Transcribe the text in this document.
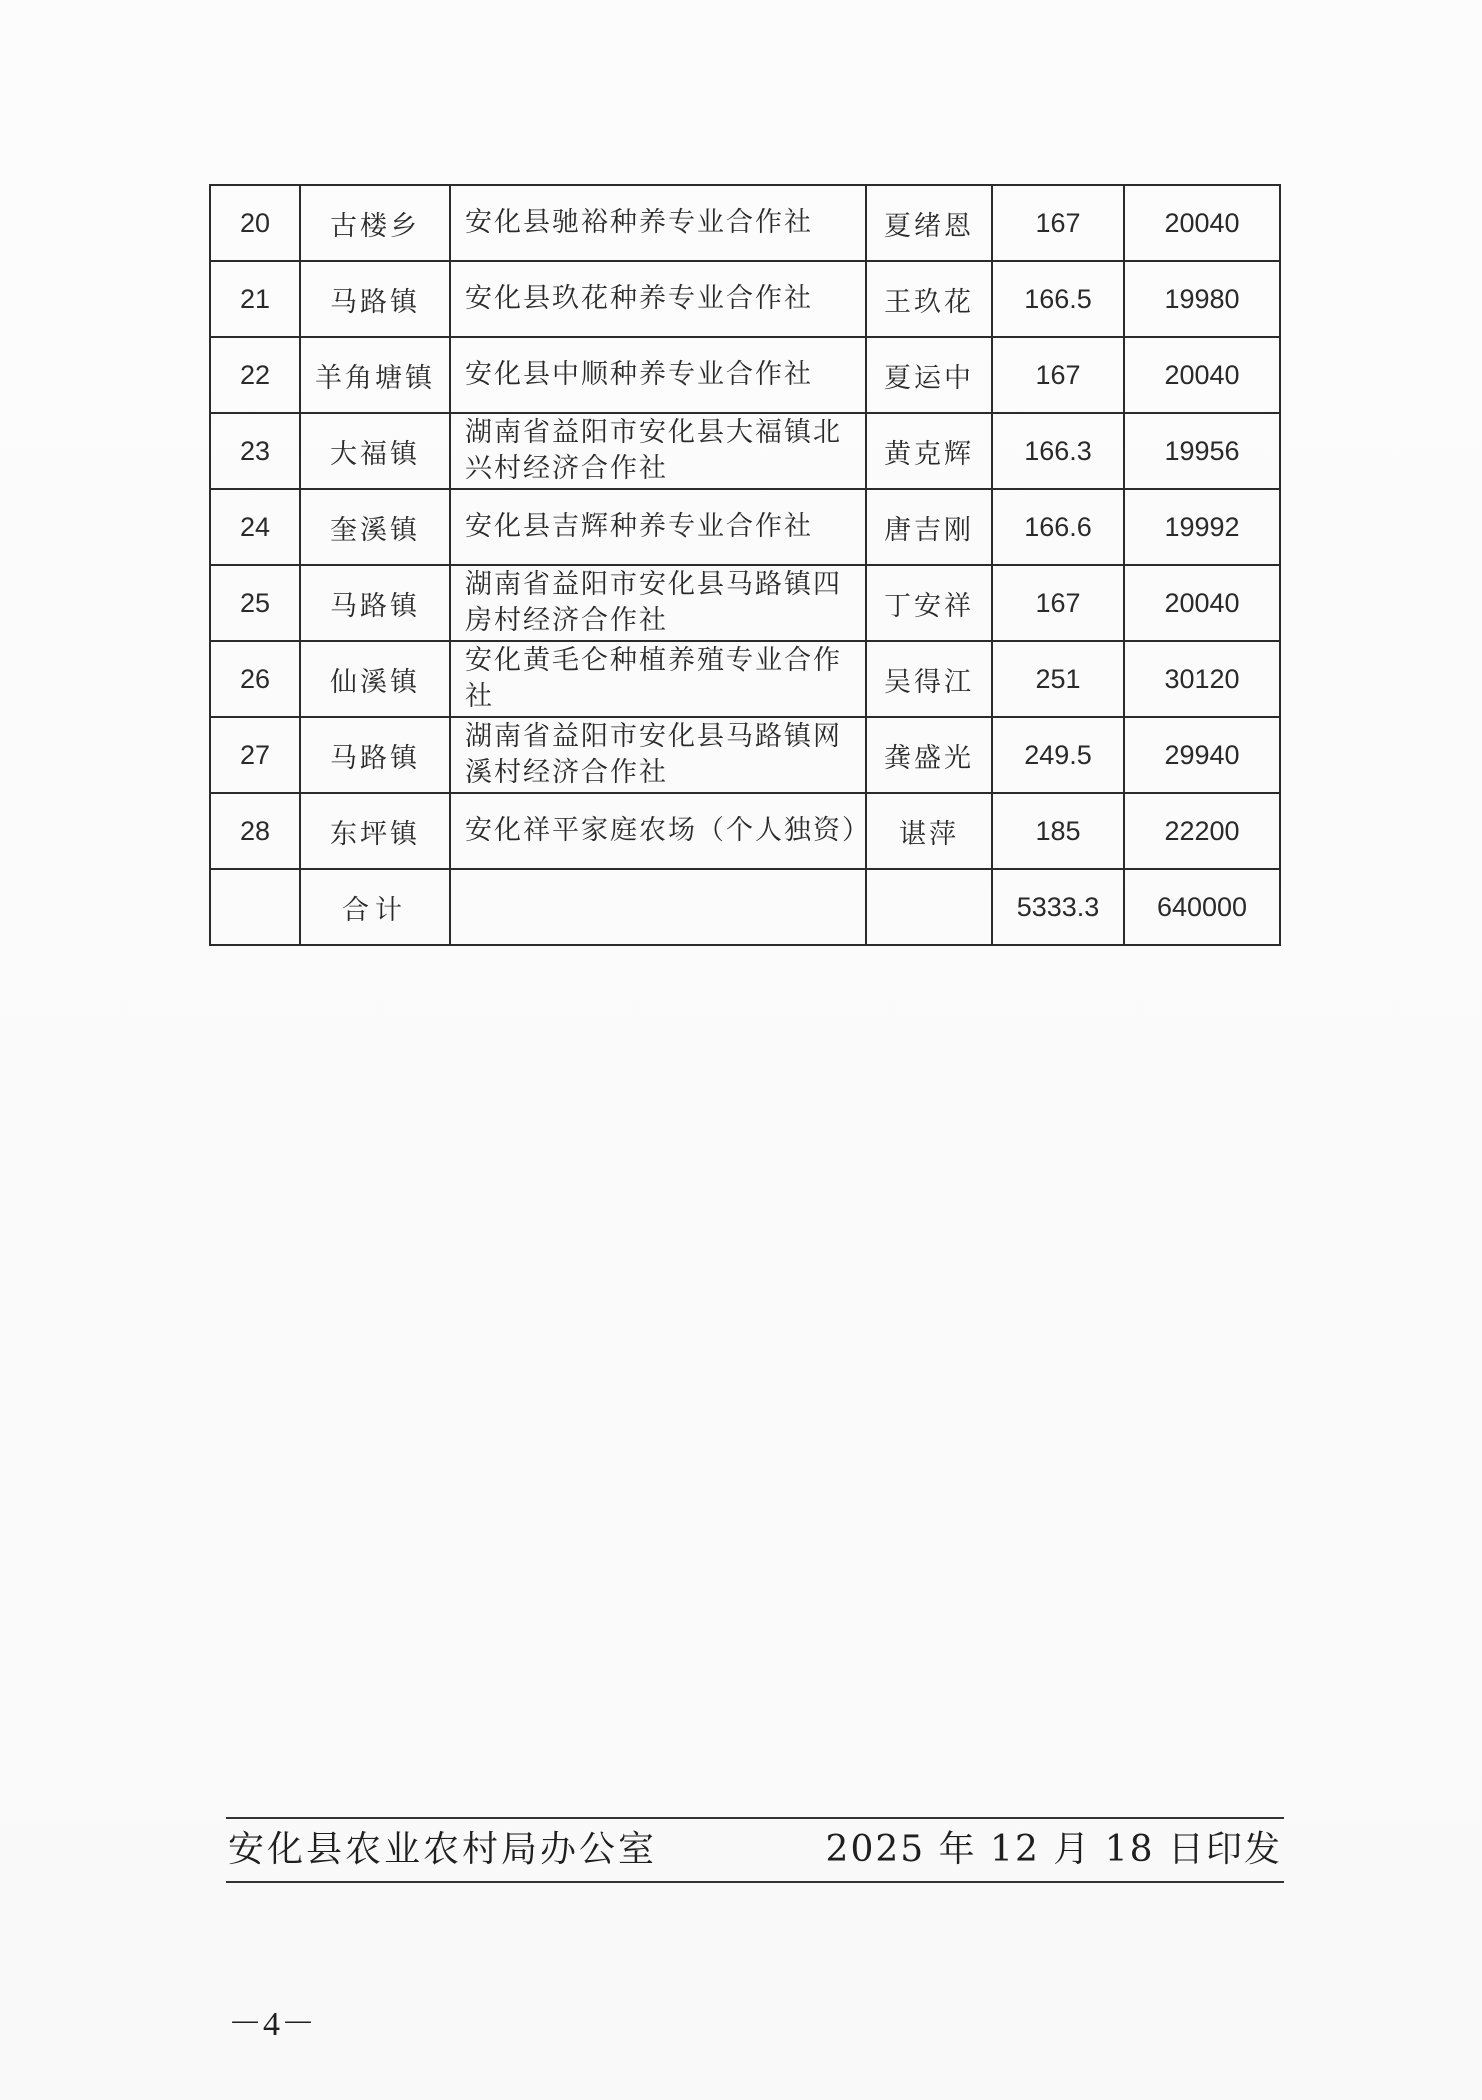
20	古楼乡	安化县驰裕种养专业合作社	夏绪恩	167	20040
21	马路镇	安化县玖花种养专业合作社	王玖花	166.5	19980
22	羊角塘镇	安化县中顺种养专业合作社	夏运中	167	20040
23	大福镇	湖南省益阳市安化县大福镇北兴村经济合作社	黄克辉	166.3	19956
24	奎溪镇	安化县吉辉种养专业合作社	唐吉刚	166.6	19992
25	马路镇	湖南省益阳市安化县马路镇四房村经济合作社	丁安祥	167	20040
26	仙溪镇	安化黄毛仑种植养殖专业合作社	吴得江	251	30120
27	马路镇	湖南省益阳市安化县马路镇网溪村经济合作社	龚盛光	249.5	29940
28	东坪镇	安化祥平家庭农场（个人独资）	谌萍	185	22200
	合计			5333.3	640000
安化县农业农村局办公室	2025 年 12 月 18 日印发
－4－
